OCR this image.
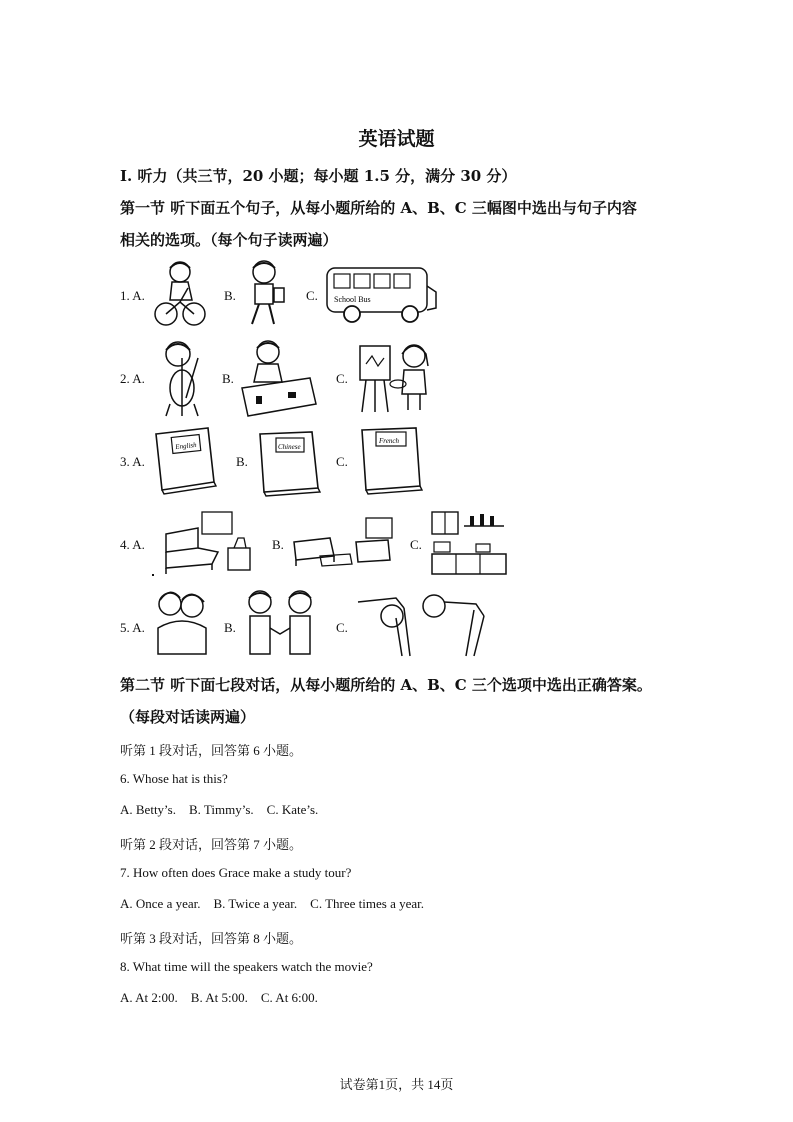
英语试题
I. 听力（共三节，20 小题；每小题 1.5 分，满分 30 分）
第一节 听下面五个句子，从每小题所给的 A、B、C 三幅图中选出与句子内容
相关的选项。（每个句子读两遍）
1. A.	B.	C. School Bus
2. A.	B.	C.
3. A.
English
B.
Chinese
C.
French
4. A.	B.	C.
5. A.	B.	C.
第二节 听下面七段对话，从每小题所给的 A、B、C 三个选项中选出正确答案。
（每段对话读两遍）
听第 1 段对话，回答第 6 小题。
6. Whose hat is this?
A. Betty’s.    B. Timmy’s.    C. Kate’s.
听第 2 段对话，回答第 7 小题。
7. How often does Grace make a study tour?
A. Once a year.    B. Twice a year.    C. Three times a year.
听第 3 段对话，回答第 8 小题。
8. What time will the speakers watch the movie?
A. At 2:00.    B. At 5:00.    C. At 6:00.
试卷第1页，共 14页
